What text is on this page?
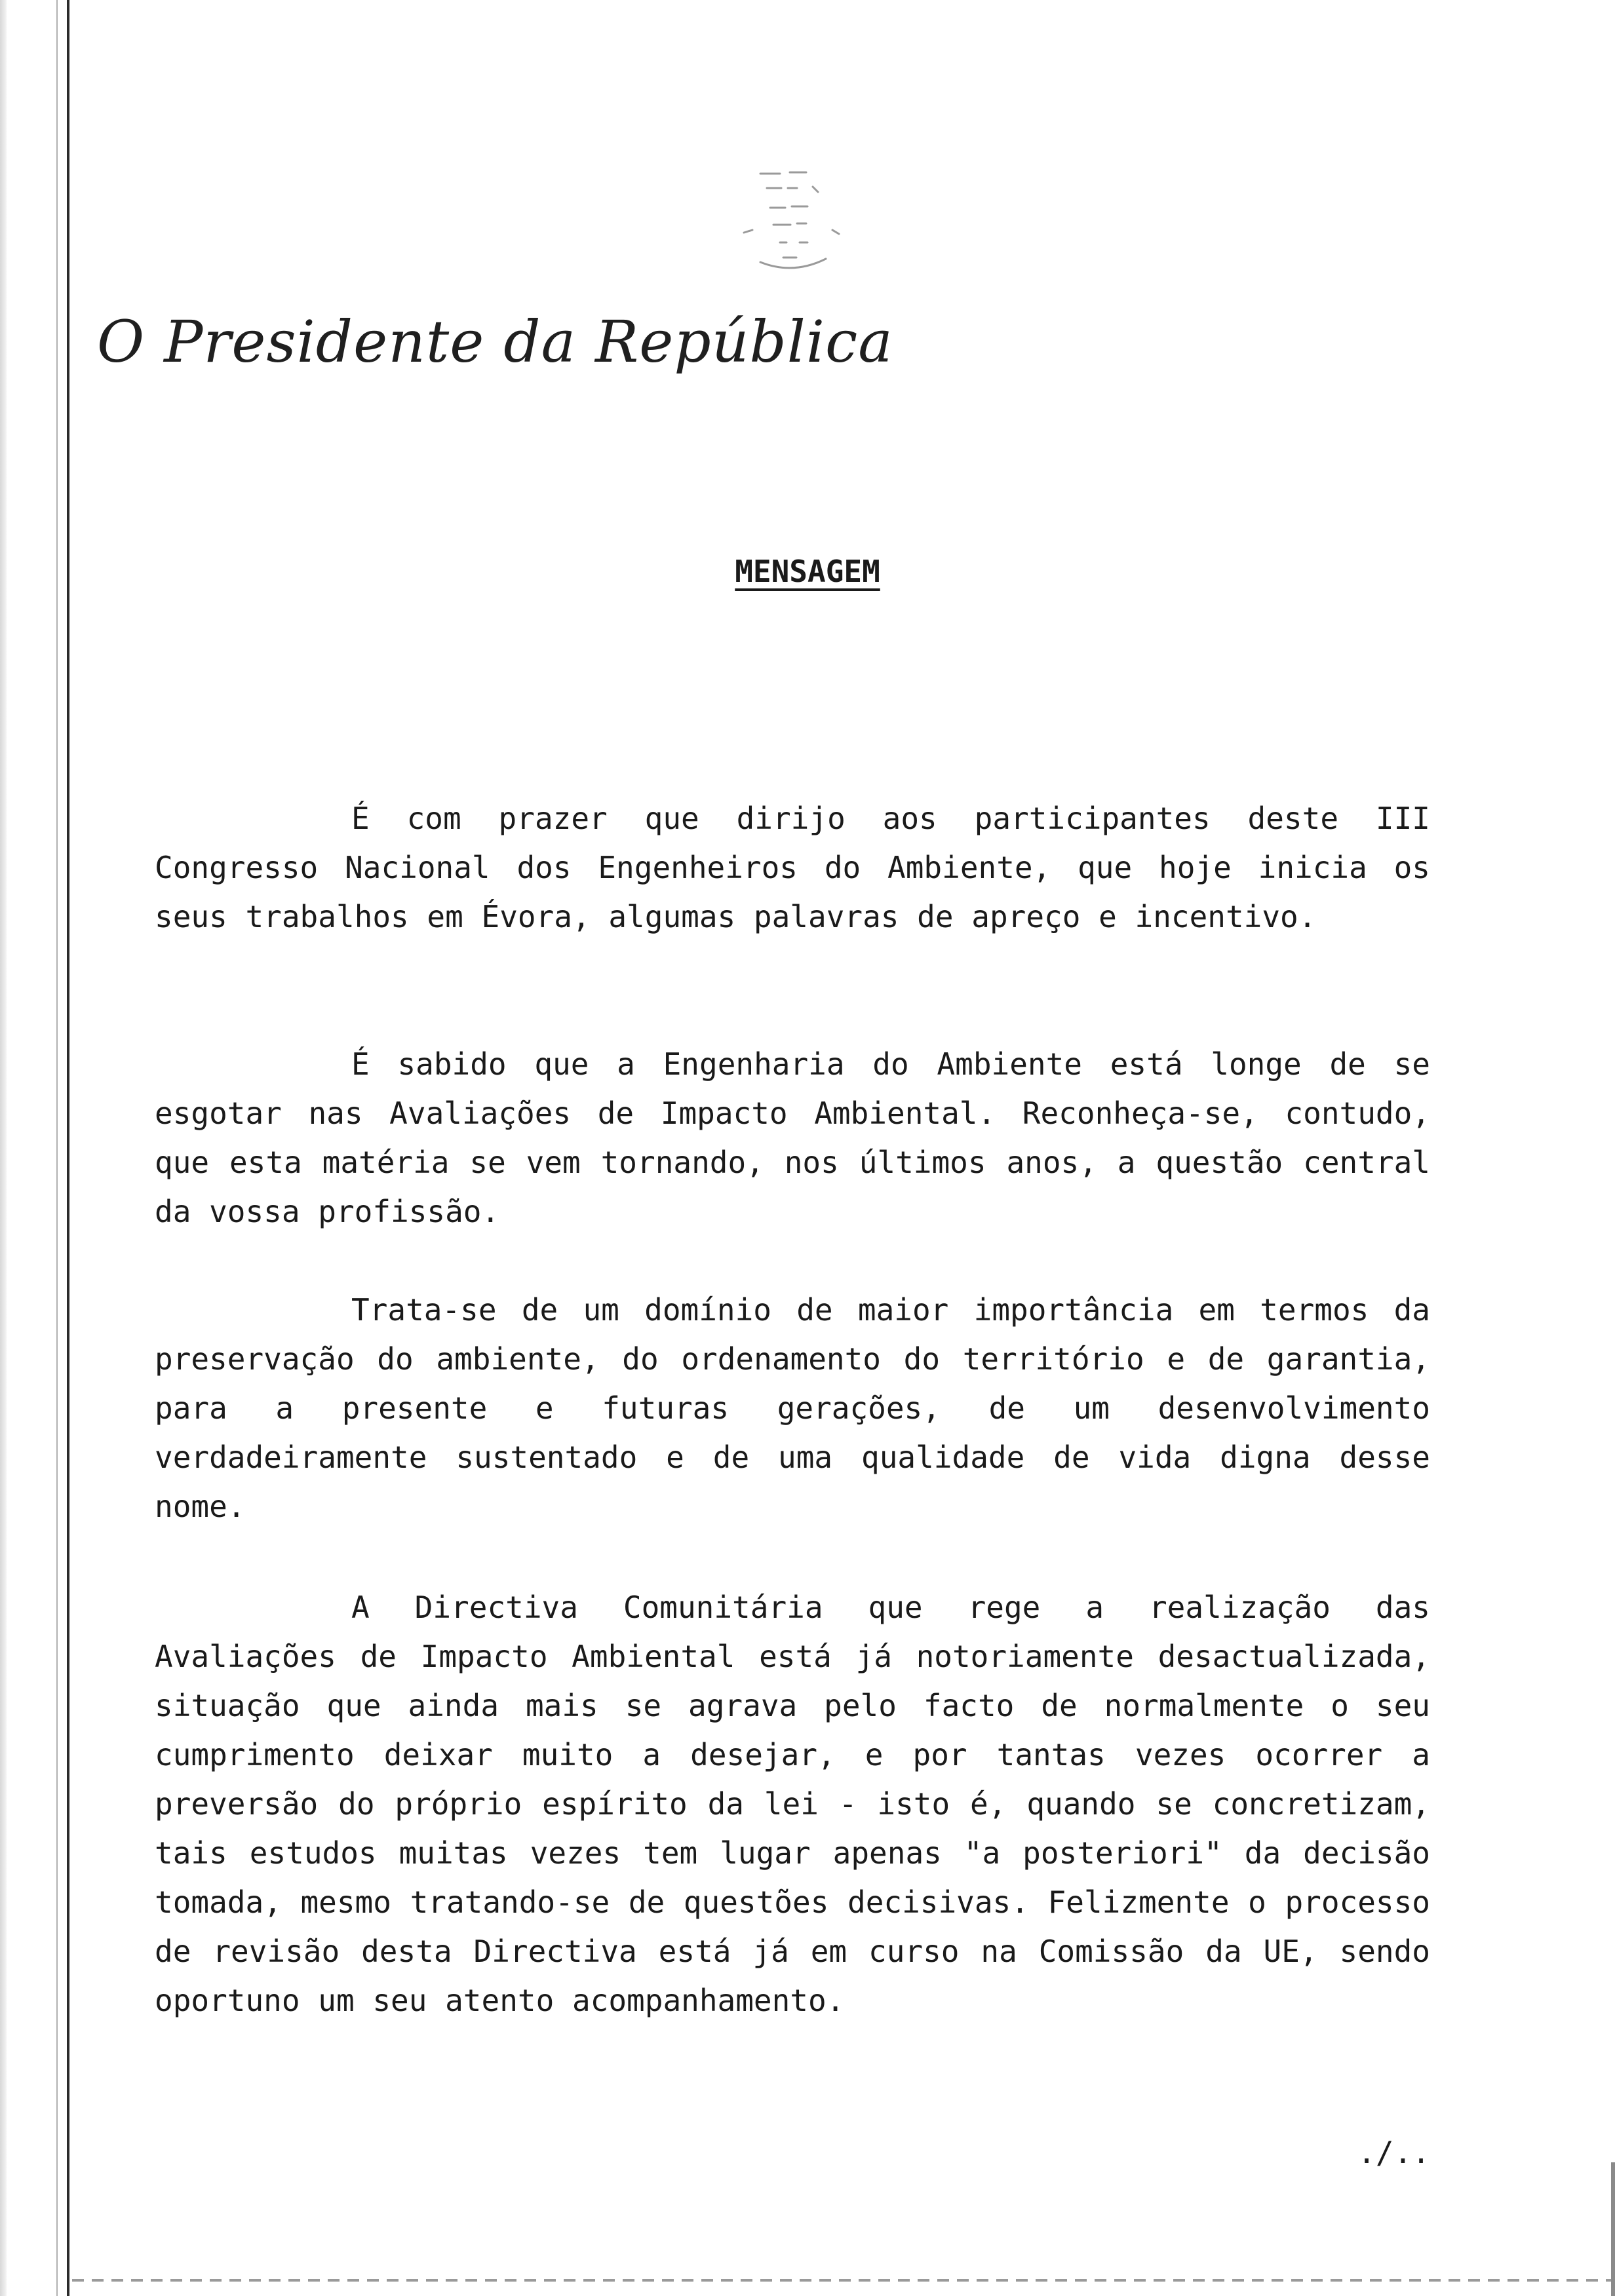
O Presidente da República
MENSAGEM

É com prazer que dirijo aos participantes deste III Congresso Nacional dos Engenheiros do Ambiente, que hoje inicia os seus trabalhos em Évora, algumas palavras de apreço e incentivo.

É sabido que a Engenharia do Ambiente está longe de se esgotar nas Avaliações de Impacto Ambiental. Reconheça-se, contudo, que esta matéria se vem tornando, nos últimos anos, a questão central da vossa profissão.

Trata-se de um domínio de maior importância em termos da preservação do ambiente, do ordenamento do território e de garantia, para a presente e futuras gerações, de um desenvolvimento verdadeiramente sustentado e de uma qualidade de vida digna desse nome.

A Directiva Comunitária que rege a realização das Avaliações de Impacto Ambiental está já notoriamente desactualizada, situação que ainda mais se agrava pelo facto de normalmente o seu cumprimento deixar muito a desejar, e por tantas vezes ocorrer a preversão do próprio espírito da lei - isto é, quando se concretizam, tais estudos muitas vezes tem lugar apenas "a posteriori" da decisão tomada, mesmo tratando-se de questões decisivas. Felizmente o processo de revisão desta Directiva está já em curso na Comissão da UE, sendo oportuno um seu atento acompanhamento.

./..
